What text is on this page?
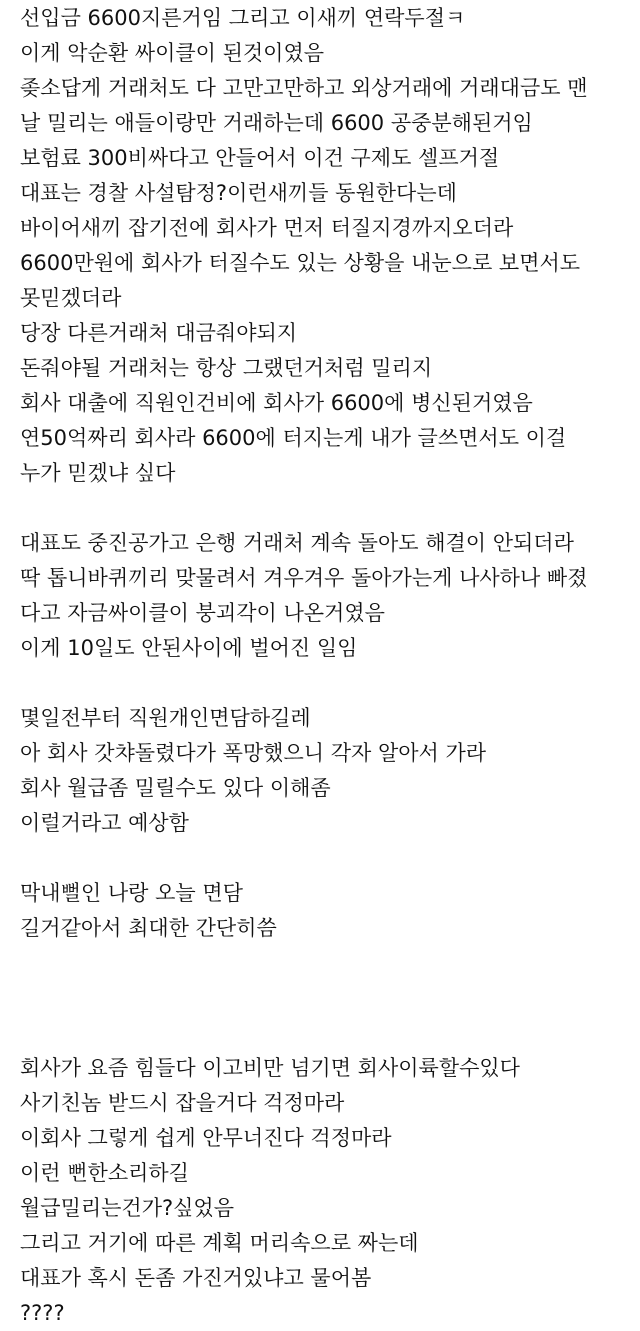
선입금 6600지른거임 그리고 이새끼 연락두절ㅋ
이게 악순환 싸이클이 된것이였음
좆소답게 거래처도 다 고만고만하고 외상거래에 거래대금도 맨
날 밀리는 애들이랑만 거래하는데 6600 공중분해된거임
보험료 300비싸다고 안들어서 이건 구제도 셀프거절
대표는 경찰 사설탐정?이런새끼들 동원한다는데
바이어새끼 잡기전에 회사가 먼저 터질지경까지오더라
6600만원에 회사가 터질수도 있는 상황을 내눈으로 보면서도
못믿겠더라
당장 다른거래처 대금줘야되지
돈줘야될 거래처는 항상 그랬던거처럼 밀리지
회사 대출에 직원인건비에 회사가 6600에 병신된거였음
연50억짜리 회사라 6600에 터지는게 내가 글쓰면서도 이걸
누가 믿겠냐 싶다
대표도 중진공가고 은행 거래처 계속 돌아도 해결이 안되더라
딱 톱니바퀴끼리 맞물려서 겨우겨우 돌아가는게 나사하나 빠졌
다고 자금싸이클이 붕괴각이 나온거였음
이게 10일도 안된사이에 벌어진 일임
몇일전부터 직원개인면담하길레
아 회사 갓챠돌렸다가 폭망했으니 각자 알아서 가라
회사 월급좀 밀릴수도 있다 이해좀
이럴거라고 예상함
막내뻘인 나랑 오늘 면담
길거같아서 최대한 간단히씀
회사가 요즘 힘들다 이고비만 넘기면 회사이륙할수있다
사기친놈 받드시 잡을거다 걱정마라
이회사 그렇게 쉽게 안무너진다 걱정마라
이런 뻔한소리하길
월급밀리는건가?싶었음
그리고 거기에 따른 계획 머리속으로 짜는데
대표가 혹시 돈좀 가진거있냐고 물어봄
????
